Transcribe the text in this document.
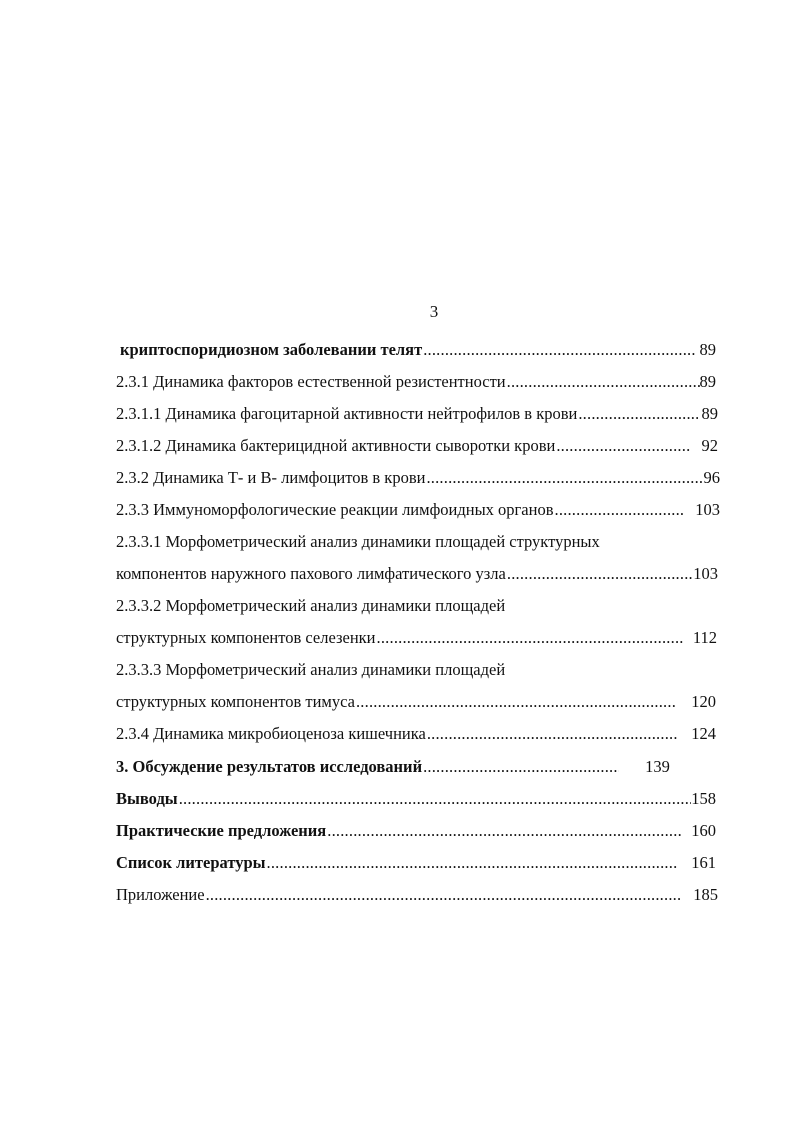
3
криптоспоридиозном заболевании телят .....	89
2.3.1 Динамика факторов естественной резистентности .....	89
2.3.1.1 Динамика фагоцитарной активности нейтрофилов в крови .....	89
2.3.1.2 Динамика бактерицидной активности сыворотки крови .....	92
2.3.2 Динамика Т- и В- лимфоцитов в крови .....	96
2.3.3 Иммуноморфологические реакции лимфоидных органов .....	103
2.3.3.1 Морфометрический анализ динамики площадей структурных
компонентов наружного пахового лимфатического узла .....	103
2.3.3.2 Морфометрический анализ динамики площадей
структурных компонентов селезенки .....	112
2.3.3.3 Морфометрический анализ динамики площадей
структурных компонентов тимуса .....	120
2.3.4 Динамика микробиоценоза кишечника .....	124
3. Обсуждение результатов исследований .....	139
Выводы .....	158
Практические предложения .....	160
Список литературы .....	161
Приложение .....	185
